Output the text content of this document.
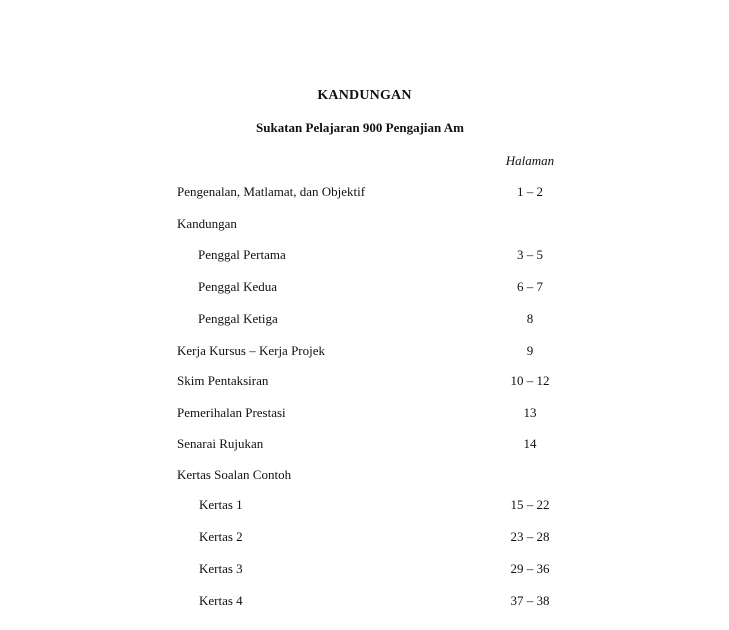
KANDUNGAN
Sukatan Pelajaran 900 Pengajian Am
Halaman
Pengenalan, Matlamat, dan Objektif	1 – 2
Kandungan
Penggal Pertama	3 – 5
Penggal Kedua	6 – 7
Penggal Ketiga	8
Kerja Kursus – Kerja Projek	9
Skim Pentaksiran	10 – 12
Pemerihalan Prestasi	13
Senarai Rujukan	14
Kertas Soalan Contoh
Kertas 1	15 – 22
Kertas 2	23 – 28
Kertas 3	29 – 36
Kertas 4	37 – 38
